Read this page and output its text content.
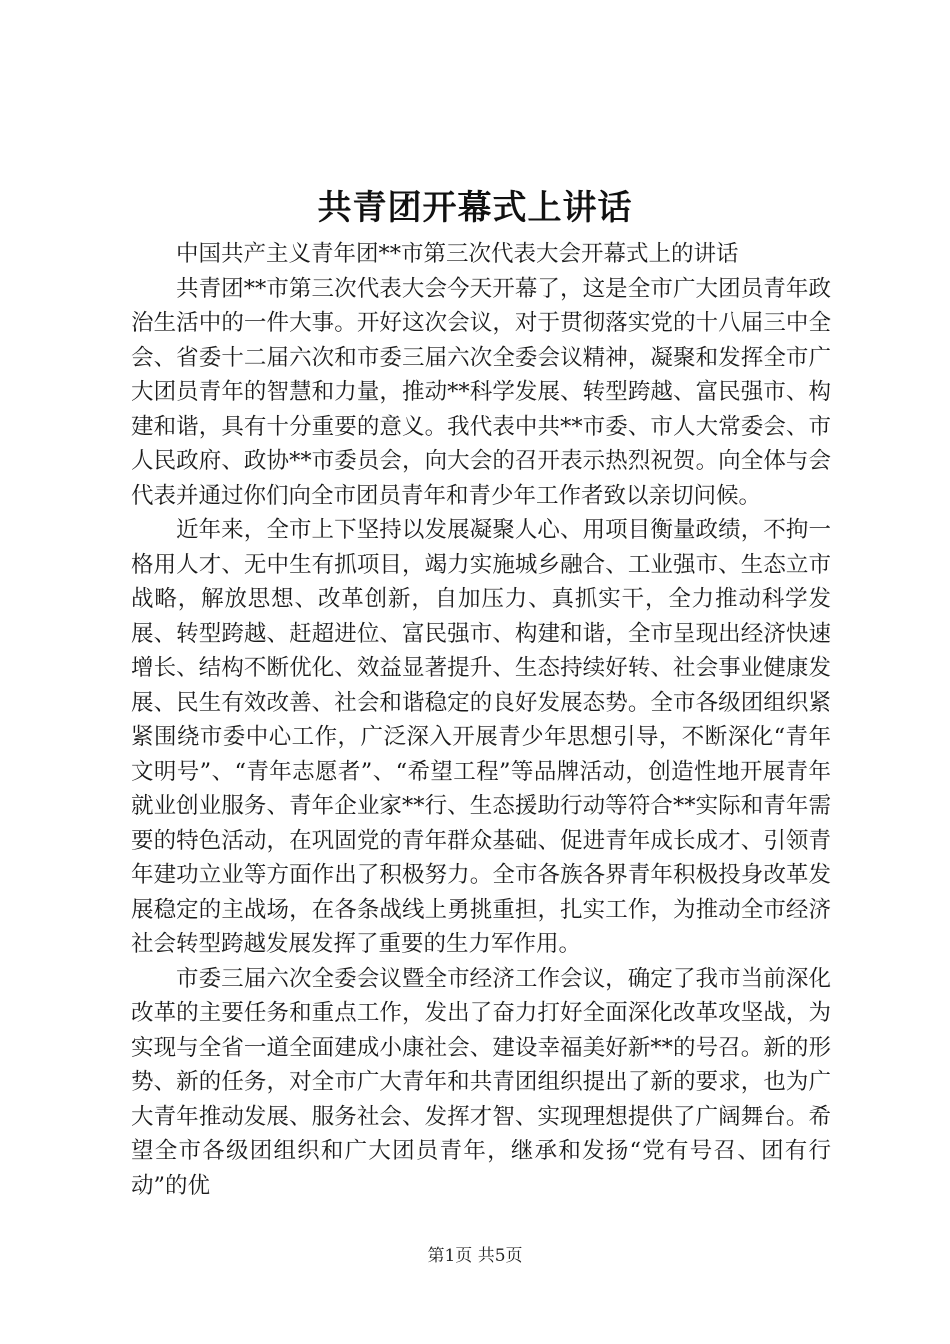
共青团开幕式上讲话

中国共产主义青年团**市第三次代表大会开幕式上的讲话

共青团**市第三次代表大会今天开幕了，这是全市广大团员青年政治生活中的一件大事。开好这次会议，对于贯彻落实党的十八届三中全会、省委十二届六次和市委三届六次全委会议精神，凝聚和发挥全市广大团员青年的智慧和力量，推动**科学发展、转型跨越、富民强市、构建和谐，具有十分重要的意义。我代表中共**市委、市人大常委会、市人民政府、政协**市委员会，向大会的召开表示热烈祝贺。向全体与会代表并通过你们向全市团员青年和青少年工作者致以亲切问候。

近年来，全市上下坚持以发展凝聚人心、用项目衡量政绩，不拘一格用人才、无中生有抓项目，竭力实施城乡融合、工业强市、生态立市战略，解放思想、改革创新，自加压力、真抓实干，全力推动科学发展、转型跨越、赶超进位、富民强市、构建和谐，全市呈现出经济快速增长、结构不断优化、效益显著提升、生态持续好转、社会事业健康发展、民生有效改善、社会和谐稳定的良好发展态势。全市各级团组织紧紧围绕市委中心工作，广泛深入开展青少年思想引导，不断深化“青年文明号”、“青年志愿者”、“希望工程”等品牌活动，创造性地开展青年就业创业服务、青年企业家**行、生态援助行动等符合**实际和青年需要的特色活动，在巩固党的青年群众基础、促进青年成长成才、引领青年建功立业等方面作出了积极努力。全市各族各界青年积极投身改革发展稳定的主战场，在各条战线上勇挑重担，扎实工作，为推动全市经济社会转型跨越发展发挥了重要的生力军作用。

市委三届六次全委会议暨全市经济工作会议，确定了我市当前深化改革的主要任务和重点工作，发出了奋力打好全面深化改革攻坚战，为实现与全省一道全面建成小康社会、建设幸福美好新**的号召。新的形势、新的任务，对全市广大青年和共青团组织提出了新的要求，也为广大青年推动发展、服务社会、发挥才智、实现理想提供了广阔舞台。希望全市各级团组织和广大团员青年，继承和发扬“党有号召、团有行动”的优

第1页 共5页
